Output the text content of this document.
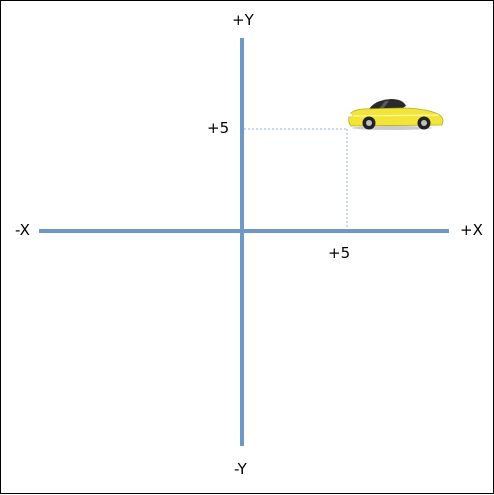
+Y
-Y
-X	+X
+5
+5
